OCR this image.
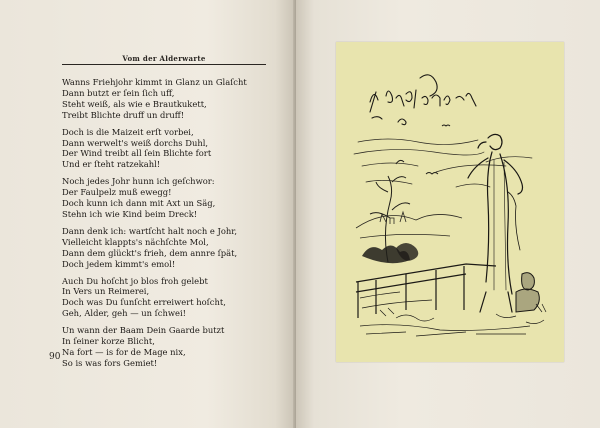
Vom der Alderwarte
Wanns Friehjohr kimmt in Glanz un Glaſcht
Dann butzt er ſein ſich uff,
Steht weiß, als wie e Brautkukett,
Treibt Blichte druff un druff!
Doch is die Maizeit erſt vorbei,
Dann werwelt's weiß dorchs Duhl,
Der Wind treibt all ſein Blichte fort
Und er ſteht ratzekahl!
Noch jedes Johr hunn ich geſchwor:
Der Faulpelz muß ewegg!
Doch kunn ich dann mit Axt un Säg,
Stehn ich wie Kind beim Dreck!
Dann denk ich: wartſcht halt noch e Johr,
Vielleicht klappts's nächſchte Mol,
Dann dem glückt's frieh, dem annre ſpät,
Doch jedem kimmt's emol!
Auch Du hoſcht jo blos froh gelebt
In Vers un Reimerei,
Doch was Du ſunſcht erreiwert hoſcht,
Geh, Alder, geh — un ſchwei!
Un wann der Baam Dein Gaarde butzt
In ſeiner korze Blicht,
Na fort — is for de Mage nix,
So is was fors Gemiet!
90
